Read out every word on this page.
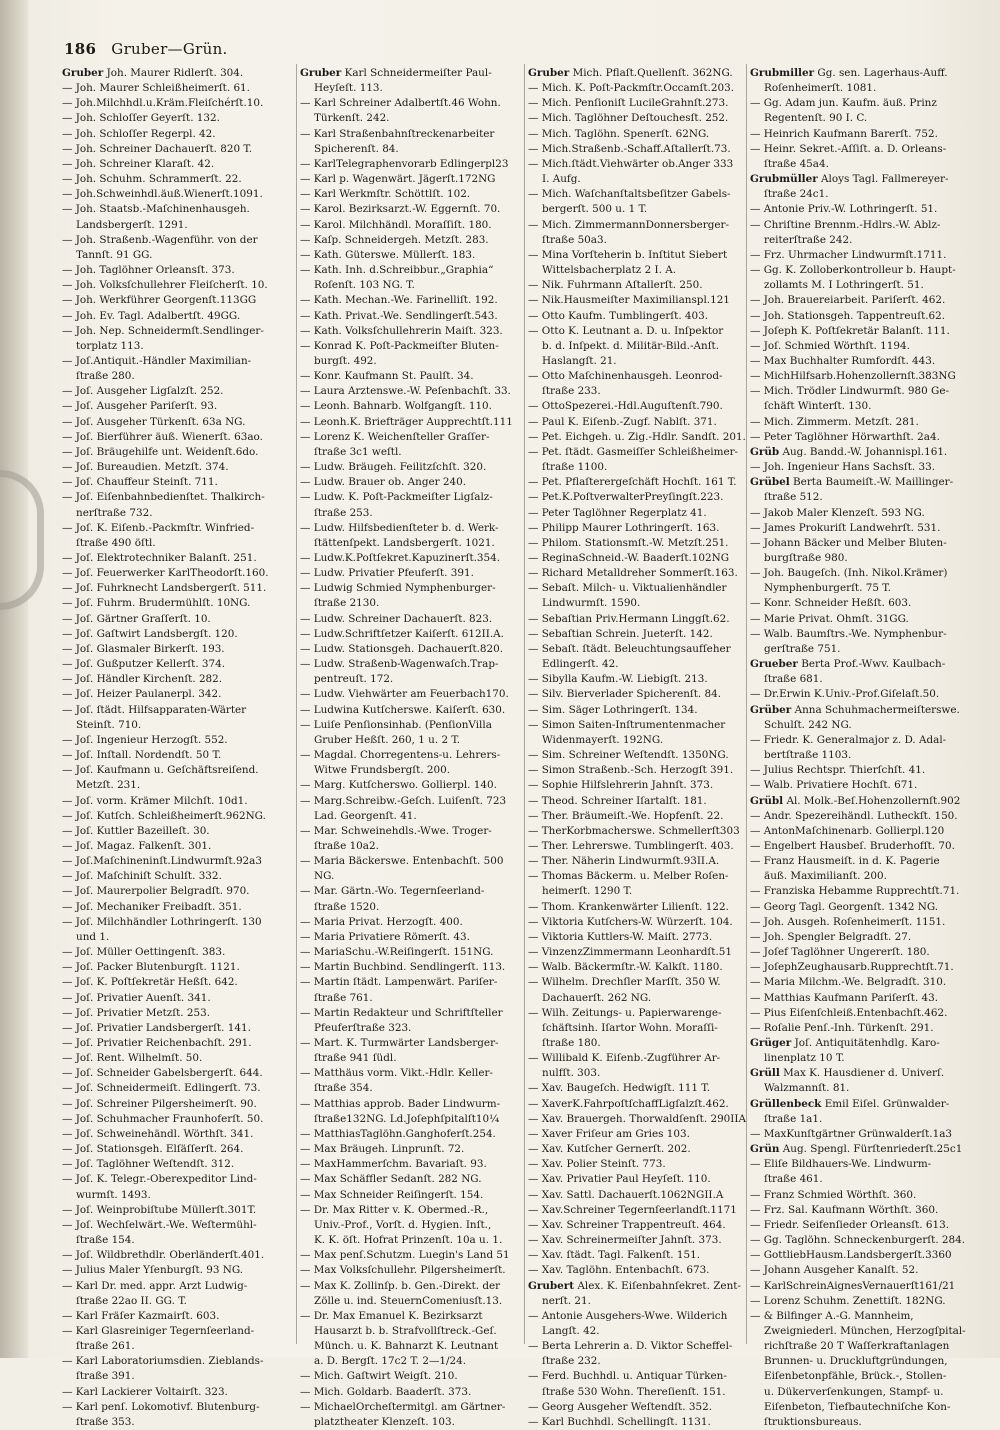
186 Gruber—Grün.
Gruber Joh. Maurer Ridlerſt. 304.
— Joh. Maurer Schleißheimerſt. 61.
— Joh.Milchhdl.u.Kräm.Fleiſchérſt.10.
— Joh. Schloſſer Geyerſt. 132.
— Joh. Schloſſer Regerpl. 42.
— Joh. Schreiner Dachauerſt. 820 T.
— Joh. Schreiner Klaraſt. 42.
— Joh. Schuhm. Schrammerſt. 22.
— Joh.Schweinhdl.äuß.Wienerſt.1091.
— Joh. Staatsb.-Maſchinenhausgeh.
Landsbergerſt. 1291.
— Joh. Straßenb.-Wagenführ. von der
Tannſt. 91 GG.
— Joh. Taglöhner Orleansſt. 373.
— Joh. Volksſchullehrer Fleiſcherſt. 10.
— Joh. Werkführer Georgenſt.113GG
— Joh. Ev. Tagl. Adalbertſt. 49GG.
— Joh. Nep. Schneidermſt.Sendlinger-
torplatz 113.
— Joſ.Antiquit.-Händler Maximilian-
ſtraße 280.
— Joſ. Ausgeher Ligſalzſt. 252.
— Joſ. Ausgeher Pariſerſt. 93.
— Joſ. Ausgeher Türkenſt. 63a NG.
— Joſ. Bierführer äuß. Wienerſt. 63ao.
— Joſ. Bräugehilfe unt. Weidenſt.6do.
— Joſ. Bureaudien. Metzſt. 374.
— Joſ. Chauffeur Steinſt. 711.
— Joſ. Eiſenbahnbedienſtet. Thalkirch-
nerſtraße 732.
— Joſ. K. Eiſenb.-Packmſtr. Winfried-
ſtraße 490 öſtl.
— Joſ. Elektrotechniker Balanſt. 251.
— Joſ. Feuerwerker KarlTheodorſt.160.
— Joſ. Fuhrknecht Landsbergerſt. 511.
— Joſ. Fuhrm. Brudermühlſt. 10NG.
— Joſ. Gärtner Graſſerſt. 10.
— Joſ. Gaſtwirt Landsbergſt. 120.
— Joſ. Glasmaler Birkerſt. 193.
— Joſ. Gußputzer Kellerſt. 374.
— Joſ. Händler Kirchenſt. 282.
— Joſ. Heizer Paulanerpl. 342.
— Joſ. ſtädt. Hilfsapparaten-Wärter
Steinſt. 710.
— Joſ. Ingenieur Herzogſt. 552.
— Joſ. Inſtall. Nordendſt. 50 T.
— Joſ. Kaufmann u. Geſchäftsreiſend.
Metzſt. 231.
— Joſ. vorm. Krämer Milchſt. 10d1.
— Joſ. Kutſch. Schleißheimerſt.962NG.
— Joſ. Kuttler Bazeilleſt. 30.
— Joſ. Magaz. Falkenſt. 301.
— Joſ.Maſchineninſt.Lindwurmſt.92a3
— Joſ. Maſchiniſt Schulſt. 332.
— Joſ. Maurerpolier Belgradſt. 970.
— Joſ. Mechaniker Freibadſt. 351.
— Joſ. Milchhändler Lothringerſt. 130
und 1.
— Joſ. Müller Oettingenſt. 383.
— Joſ. Packer Blutenburgſt. 1121.
— Joſ. K. Poſtſekretär Heßſt. 642.
— Joſ. Privatier Auenſt. 341.
— Joſ. Privatier Metzſt. 253.
— Joſ. Privatier Landsbergerſt. 141.
— Joſ. Privatier Reichenbachſt. 291.
— Joſ. Rent. Wilhelmſt. 50.
— Joſ. Schneider Gabelsbergerſt. 644.
— Joſ. Schneidermeiſt. Edlingerſt. 73.
— Joſ. Schreiner Pilgersheimerſt. 90.
— Joſ. Schuhmacher Fraunhoferſt. 50.
— Joſ. Schweinehändl. Wörthſt. 341.
— Joſ. Stationsgeh. Elſäſſerſt. 264.
— Joſ. Taglöhner Weſtendſt. 312.
— Joſ. K. Telegr.-Oberexpeditor Lind-
wurmſt. 1493.
— Joſ. Weinprobiſtube Müllerſt.301T.
— Joſ. Wechſelwärt.-We. Weſtermühl-
ſtraße 154.
— Joſ. Wildbrethdlr. Oberländerſt.401.
— Julius Maler Yſenburgſt. 93 NG.
— Karl Dr. med. appr. Arzt Ludwig-
ſtraße 22ao II. GG. T.
— Karl Fräſer Kazmairſt. 603.
— Karl Glasreiniger Tegernſeerland-
ſtraße 261.
— Karl Laboratoriumsdien. Zieblands-
ſtraße 391.
— Karl Lackierer Voltairſt. 323.
— Karl penſ. Lokomotivf. Blutenburg-
ſtraße 353.
Gruber Karl Schneidermeiſter Paul-
Heyſeſt. 113.
— Karl Schreiner Adalbertſt.46 Wohn.
Türkenſt. 242.
— Karl Straßenbahnſtreckenarbeiter
Spicherenſt. 84.
— KarlTelegraphenvorarb Edlingerpl23
— Karl p. Wagenwärt. Jägerſt.172NG
— Karl Werkmſtr. Schöttlſt. 102.
— Karol. Bezirksarzt.-W. Eggernſt. 70.
— Karol. Milchhändl. Moraſſiſt. 180.
— Kaſp. Schneidergeh. Metzſt. 283.
— Kath. Güterswe. Müllerſt. 183.
— Kath. Inh. d.Schreibbur.„Graphia“
Roſenſt. 103 NG. T.
— Kath. Mechan.-We. Farinelliſt. 192.
— Kath. Privat.-We. Sendlingerſt.543.
— Kath. Volksſchullehrerin Maiſt. 323.
— Konrad K. Poſt-Packmeiſter Bluten-
burgſt. 492.
— Konr. Kaufmann St. Paulſt. 34.
— Laura Arztenswe.-W. Peſenbachſt. 33.
— Leonh. Bahnarb. Wolfgangſt. 110.
— Leonh.K. Briefträger Aupprechtſt.111
— Lorenz K. Weichenſteller Graſſer-
ſtraße 3c1 weſtl.
— Ludw. Bräugeh. Feilitzſchſt. 320.
— Ludw. Brauer ob. Anger 240.
— Ludw. K. Poſt-Packmeiſter Ligſalz-
ſtraße 253.
— Ludw. Hilfsbedienſteter b. d. Werk-
ſtättenſpekt. Landsbergerſt. 1021.
— Ludw.K.Poſtſekret.Kapuzinerſt.354.
— Ludw. Privatier Pfeuferſt. 391.
— Ludwig Schmied Nymphenburger-
ſtraße 2130.
— Ludw. Schreiner Dachauerſt. 823.
— Ludw.Schriftſetzer Kaiſerſt. 612II.A.
— Ludw. Stationsgeh. Dachauerſt.820.
— Ludw. Straßenb-Wagenwaſch.Trap-
pentreuſt. 172.
— Ludw. Viehwärter am Feuerbach170.
— Ludwina Kutſcherswe. Kaiſerſt. 630.
— Luiſe Penſionsinhab. (PenſionVilla
Gruber Heßſt. 260, 1 u. 2 T.
— Magdal. Chorregentens-u. Lehrers-
Witwe Frundsbergſt. 200.
— Marg. Kutſcherswo. Gollierpl. 140.
— Marg.Schreibw.-Geſch. Luiſenſt. 723
Lad. Georgenſt. 41.
— Mar. Schweinehdls.-Wwe. Troger-
ſtraße 10a2.
— Maria Bäckerswe. Entenbachſt. 500
NG.
— Mar. Gärtn.-Wo. Tegernſeerland-
ſtraße 1520.
— Maria Privat. Herzogſt. 400.
— Maria Privatiere Römerſt. 43.
— MariaSchu.-W.Reiſingerſt. 151NG.
— Martin Buchbind. Sendlingerſt. 113.
— Martin ſtädt. Lampenwärt. Pariſer-
ſtraße 761.
— Martin Redakteur und Schriftſteller
Pfeuferſtraße 323.
— Mart. K. Turmwärter Landsberger-
ſtraße 941 ſüdl.
— Matthäus vorm. Vikt.-Hdlr. Keller-
ſtraße 354.
— Matthias approb. Bader Lindwurm-
ſtraße132NG. Ld.Joſephſpitalſt10¼
— MatthiasTaglöhn.Ganghoferſt.254.
— Max Bräugeh. Linprunſt. 72.
— MaxHammerſchm. Bavariaſt. 93.
— Max Schäffler Sedanſt. 282 NG.
— Max Schneider Reiſingerſt. 154.
— Dr. Max Ritter v. K. Obermed.-R.,
Univ.-Prof., Vorſt. d. Hygien. Inſt.,
K. K. öſt. Hofrat Prinzenſt. 10a u. 1.
— Max penſ.Schutzm. Luegin's Land 51
— Max Volksſchullehr. Pilgersheimerſt.
— Max K. Zollinſp. b. Gen.-Direkt. der
Zölle u. ind. SteuernComeniusſt.13.
— Dr. Max Emanuel K. Bezirksarzt
Hausarzt b. b. Strafvollſtreck.-Geſ.
Münch. u. K. Bahnarzt K. Leutnant
a. D. Bergſt. 17c2 T. 2—1/24.
— Mich. Gaſtwirt Weigſt. 210.
— Mich. Goldarb. Baaderſt. 373.
— MichaelOrcheſtermitgl. am Gärtner-
platztheater Klenzeſt. 103.
Gruber Mich. Pflaſt.Quellenſt. 362NG.
— Mich. K. Poſt-Packmſtr.Occamſt.203.
— Mich. Penſioniſt LucileGrahnſt.273.
— Mich. Taglöhner Deſtouchesſt. 252.
— Mich. Taglöhn. Spenerſt. 62NG.
— Mich.Straßenb.-Schaff.Aſtallerſt.73.
— Mich.ſtädt.Viehwärter ob.Anger 333
I. Aufg.
— Mich. Waſchanſtaltsbeſitzer Gabels-
bergerſt. 500 u. 1 T.
— Mich. ZimmermannDonnersberger-
ſtraße 50a3.
— Mina Vorſteherin b. Inſtitut Siebert
Wittelsbacherplatz 2 I. A.
— Nik. Fuhrmann Aſtallerſt. 250.
— Nik.Hausmeiſter Maximilianspl.121
— Otto Kaufm. Tumblingerſt. 403.
— Otto K. Leutnant a. D. u. Inſpektor
b. d. Inſpekt. d. Militär-Bild.-Anſt.
Haslangſt. 21.
— Otto Maſchinenhausgeh. Leonrod-
ſtraße 233.
— OttoSpezerei.-Hdl.Auguſtenſt.790.
— Paul K. Eiſenb.-Zugf. Nablſt. 371.
— Pet. Eichgeh. u. Zig.-Hdlr. Sandſt. 201.
— Pet. ſtädt. Gasmeiſſer Schleißheimer-
ſtraße 1100.
— Pet. Pflaſterergeſchäft Hochſt. 161 T.
— Pet.K.PoſtverwalterPreyſingſt.223.
— Peter Taglöhner Regerplatz 41.
— Philipp Maurer Lothringerſt. 163.
— Philom. Stationsmſt.-W. Metzſt.251.
— ReginaSchneid.-W. Baaderſt.102NG
— Richard Metalldreher Sommerſt.163.
— Sebaſt. Milch- u. Viktualienhändler
Lindwurmſt. 1590.
— Sebaſtian Priv.Hermann Linggſt.62.
— Sebaſtian Schrein. Jueterſt. 142.
— Sebaſt. ſtädt. Beleuchtungsaufſeher
Edlingerſt. 42.
— Sibylla Kaufm.-W. Liebigſt. 213.
— Silv. Bierverlader Spicherenſt. 84.
— Sim. Säger Lothringerſt. 134.
— Simon Saiten-Inſtrumentenmacher
Widenmayerſt. 192NG.
— Sim. Schreiner Weſtendſt. 1350NG.
— Simon Straßenb.-Sch. Herzogſt 391.
— Sophie Hilfslehrerin Jahnſt. 373.
— Theod. Schreiner Iſartalſt. 181.
— Ther. Bräumeiſt.-We. Hopfenſt. 22.
— TherKorbmacherswe. Schmellerſt303
— Ther. Lehrerswe. Tumblingerſt. 403.
— Ther. Näherin Lindwurmſt.93II.A.
— Thomas Bäckerm. u. Melber Roſen-
heimerſt. 1290 T.
— Thom. Krankenwärter Lilienſt. 122.
— Viktoria Kutſchers-W. Würzerſt. 104.
— Viktoria Kuttlers-W. Maiſt. 2773.
— VinzenzZimmermann Leonhardſt.51
— Walb. Bäckermſtr.-W. Kalkſt. 1180.
— Wilhelm. Drechſler Marſſt. 350 W.
Dachauerſt. 262 NG.
— Wilh. Zeitungs- u. Papierwarenge-
ſchäftsinh. Iſartor Wohn. Moraſſi-
ſtraße 180.
— Willibald K. Eiſenb.-Zugführer Ar-
nulfſt. 303.
— Xav. Baugeſch. Hedwigſt. 111 T.
— XaverK.FahrpoſtſchaffLigſalzſt.462.
— Xav. Brauergeh. Thorwaldſenſt. 290IIA
— Xaver Friſeur am Gries 103.
— Xav. Kutſcher Gernerſt. 202.
— Xav. Polier Steinſt. 773.
— Xav. Privatier Paul Heyſeſt. 110.
— Xav. Sattl. Dachauerſt.1062NGII.A
— Xav.Schreiner Tegernſeerlandſt.1171
— Xav. Schreiner Trappentreuſt. 464.
— Xav. Schreinermeiſter Jahnſt. 373.
— Xav. ſtädt. Tagl. Falkenſt. 151.
— Xav. Taglöhn. Entenbachſt. 673.
Grubert Alex. K. Eiſenbahnſekret. Zent-
nerſt. 21.
— Antonie Ausgehers-Wwe. Wilderich
Langſt. 42.
— Berta Lehrerin a. D. Viktor Scheffel-
ſtraße 232.
— Ferd. Buchhdl. u. Antiquar Türken-
ſtraße 530 Wohn. Thereſienſt. 151.
— Georg Ausgeher Weſtendſt. 352.
— Karl Buchhdl. Schellingſt. 1131.
Grubmiller Gg. sen. Lagerhaus-Auff.
Roſenheimerſt. 1081.
— Gg. Adam jun. Kaufm. äuß. Prinz
Regentenſt. 90 I. C.
— Heinrich Kaufmann Barerſt. 752.
— Heinr. Sekret.-Aſſiſt. a. D. Orleans-
ſtraße 45a4.
Grubmüller Aloys Tagl. Fallmereyer-
ſtraße 24c1.
— Antonie Priv.-W. Lothringerſt. 51.
— Chriſtine Brennm.-Hdlrs.-W. Ablz-
reiterſtraße 242.
— Frz. Uhrmacher Lindwurmſt.1711.
— Gg. K. Zolloberkontrolleur b. Haupt-
zollamts M. I Lothringerſt. 51.
— Joh. Brauereiarbeit. Pariſerſt. 462.
— Joh. Stationsgeh. Tappentreuſt.62.
— Joſeph K. Poſtſekretär Balanſt. 111.
— Joſ. Schmied Wörthſt. 1194.
— Max Buchhalter Rumfordſt. 443.
— MichHilfsarb.Hohenzollernſt.383NG
— Mich. Trödler Lindwurmſt. 980 Ge-
ſchäft Winterſt. 130.
— Mich. Zimmerm. Metzſt. 281.
— Peter Taglöhner Hörwarthſt. 2a4.
Grüb Aug. Bandd.-W. Johannispl.161.
— Joh. Ingenieur Hans Sachsſt. 33.
Grübel Berta Baumeiſt.-W. Maillinger-
ſtraße 512.
— Jakob Maler Klenzeſt. 593 NG.
— James Prokuriſt Landwehrſt. 531.
— Johann Bäcker und Melber Bluten-
burgſtraße 980.
— Joh. Baugeſch. (Inh. Nikol.Krämer)
Nymphenburgerſt. 75 T.
— Konr. Schneider Heßſt. 603.
— Marie Privat. Ohmſt. 31GG.
— Walb. Baumſtrs.-We. Nymphenbur-
gerſtraße 751.
Grueber Berta Prof.-Wwv. Kaulbach-
ſtraße 681.
— Dr.Erwin K.Univ.-Prof.Giſelaſt.50.
Grüber Anna Schuhmachermeiſterswe.
Schulſt. 242 NG.
— Friedr. K. Generalmajor z. D. Adal-
bertſtraße 1103.
— Julius Rechtspr. Thierſchſt. 41.
— Walb. Privatiere Hochſt. 671.
Grübl Al. Molk.-Beſ.Hohenzollernſt.902
— Andr. Spezereihändl. Lutheckſt. 150.
— AntonMaſchinenarb. Gollierpl.120
— Engelbert Hausbeſ. Bruderhofſt. 70.
— Franz Hausmeiſt. in d. K. Pagerie
äuß. Maximilianſt. 200.
— Franziska Hebamme Rupprechtſt.71.
— Georg Tagl. Georgenſt. 1342 NG.
— Joh. Ausgeh. Roſenheimerſt. 1151.
— Joh. Spengler Belgradſt. 27.
— Joſef Taglöhner Ungererſt. 180.
— JoſephZeughausarb.Rupprechtſt.71.
— Maria Milchm.-We. Belgradſt. 310.
— Matthias Kaufmann Pariſerſt. 43.
— Pius Eiſenſchleiß.Entenbachſt.462.
— Roſalie Penſ.-Inh. Türkenſt. 291.
Grüger Joſ. Antiquitätenhdlg. Karo-
linenplatz 10 T.
Grüll Max K. Hausdiener d. Univerſ.
Walzmannſt. 81.
Grüllenbeck Emil Eiſel. Grünwalder-
ſtraße 1a1.
— MaxKunſtgärtner Grünwalderſt.1a3
Grün Aug. Spengl. Fürſtenriederſt.25c1
— Eliſe Bildhauers-We. Lindwurm-
ſtraße 461.
— Franz Schmied Wörthſt. 360.
— Frz. Sal. Kaufmann Wörthſt. 360.
— Friedr. Seifenſieder Orleansſt. 613.
— Gg. Taglöhn. Schneckenburgerſt. 284.
— GottliebHausm.Landsbergerſt.3360
— Johann Ausgeher Kanalſt. 52.
— KarlSchreinAignesVernauerſt161/21
— Lorenz Schuhm. Zenettiſt. 182NG.
— & Bilfinger A.-G. Mannheim,
Zweigniederl. München, Herzogſpital-
richſtraße 20 T Waſſerkraftanlagen
Brunnen- u. Druckluftgründungen,
Eiſenbetonpfähle, Brück.-, Stollen-
u. Dükerverſenkungen, Stampf- u.
Eiſenbeton, Tiefbautechniſche Kon-
ſtruktionsbureaus.
